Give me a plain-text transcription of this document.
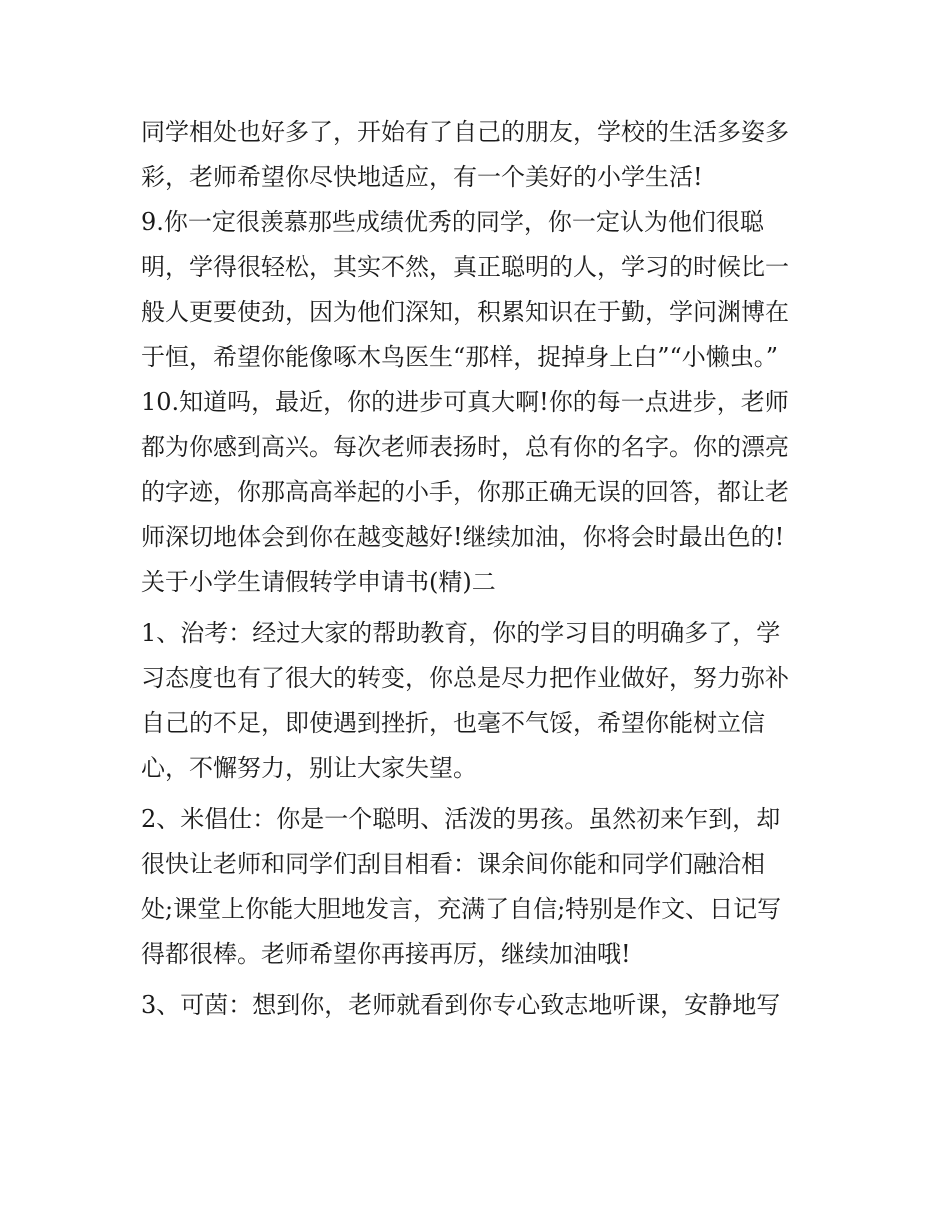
同学相处也好多了，开始有了自己的朋友，学校的生活多姿多

彩，老师希望你尽快地适应，有一个美好的小学生活!

9.你一定很羡慕那些成绩优秀的同学，你一定认为他们很聪

明，学得很轻松，其实不然，真正聪明的人，学习的时候比一

般人更要使劲，因为他们深知，积累知识在于勤，学问渊博在

于恒，希望你能像啄木鸟医生“那样，捉掉身上白”“小懒虫。”

10.知道吗，最近，你的进步可真大啊!你的每一点进步，老师

都为你感到高兴。每次老师表扬时，总有你的名字。你的漂亮

的字迹，你那高高举起的小手，你那正确无误的回答，都让老

师深切地体会到你在越变越好!继续加油，你将会时最出色的!

关于小学生请假转学申请书(精)二

1、治考：经过大家的帮助教育，你的学习目的明确多了，学

习态度也有了很大的转变，你总是尽力把作业做好，努力弥补

自己的不足，即使遇到挫折，也毫不气馁，希望你能树立信

心，不懈努力，别让大家失望。

2、米倡仕：你是一个聪明、活泼的男孩。虽然初来乍到，却

很快让老师和同学们刮目相看：课余间你能和同学们融洽相

处;课堂上你能大胆地发言，充满了自信;特别是作文、日记写

得都很棒。老师希望你再接再厉，继续加油哦!

3、可茵：想到你，老师就看到你专心致志地听课，安静地写
